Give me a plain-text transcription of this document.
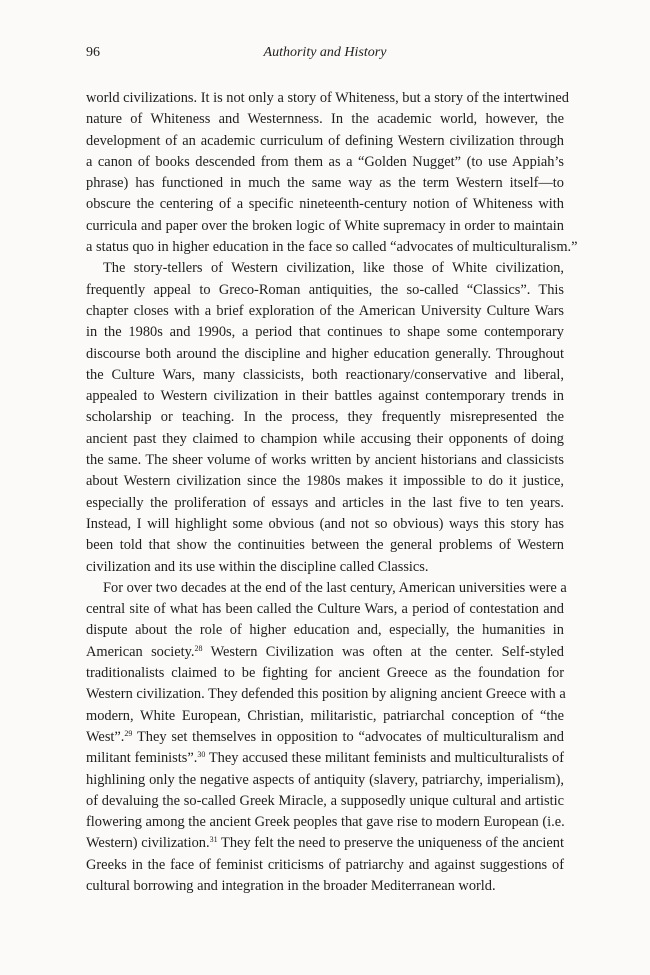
96	Authority and History
world civilizations. It is not only a story of Whiteness, but a story of the intertwined
nature of Whiteness and Westernness. In the academic world, however, the
development of an academic curriculum of defining Western civilization through
a canon of books descended from them as a “Golden Nugget” (to use Appiah’s
phrase) has functioned in much the same way as the term Western itself—to
obscure the centering of a specific nineteenth-century notion of Whiteness with
curricula and paper over the broken logic of White supremacy in order to maintain
a status quo in higher education in the face so called “advocates of multiculturalism.”
The story-tellers of Western civilization, like those of White civilization,
frequently appeal to Greco-Roman antiquities, the so-called “Classics”. This
chapter closes with a brief exploration of the American University Culture Wars
in the 1980s and 1990s, a period that continues to shape some contemporary
discourse both around the discipline and higher education generally. Throughout
the Culture Wars, many classicists, both reactionary/conservative and liberal,
appealed to Western civilization in their battles against contemporary trends in
scholarship or teaching. In the process, they frequently misrepresented the
ancient past they claimed to champion while accusing their opponents of doing
the same. The sheer volume of works written by ancient historians and classicists
about Western civilization since the 1980s makes it impossible to do it justice,
especially the proliferation of essays and articles in the last five to ten years.
Instead, I will highlight some obvious (and not so obvious) ways this story has
been told that show the continuities between the general problems of Western
civilization and its use within the discipline called Classics.
For over two decades at the end of the last century, American universities were a
central site of what has been called the Culture Wars, a period of contestation and
dispute about the role of higher education and, especially, the humanities in
American society.$^{28}$ Western Civilization was often at the center. Self-styled
traditionalists claimed to be fighting for ancient Greece as the foundation for
Western civilization. They defended this position by aligning ancient Greece with a
modern, White European, Christian, militaristic, patriarchal conception of “the
West”.$^{29}$ They set themselves in opposition to “advocates of multiculturalism and
militant feminists”.$^{30}$ They accused these militant feminists and multiculturalists of
highlining only the negative aspects of antiquity (slavery, patriarchy, imperialism),
of devaluing the so-called Greek Miracle, a supposedly unique cultural and artistic
flowering among the ancient Greek peoples that gave rise to modern European (i.e.
Western) civilization.$^{31}$ They felt the need to preserve the uniqueness of the ancient
Greeks in the face of feminist criticisms of patriarchy and against suggestions of
cultural borrowing and integration in the broader Mediterranean world.
